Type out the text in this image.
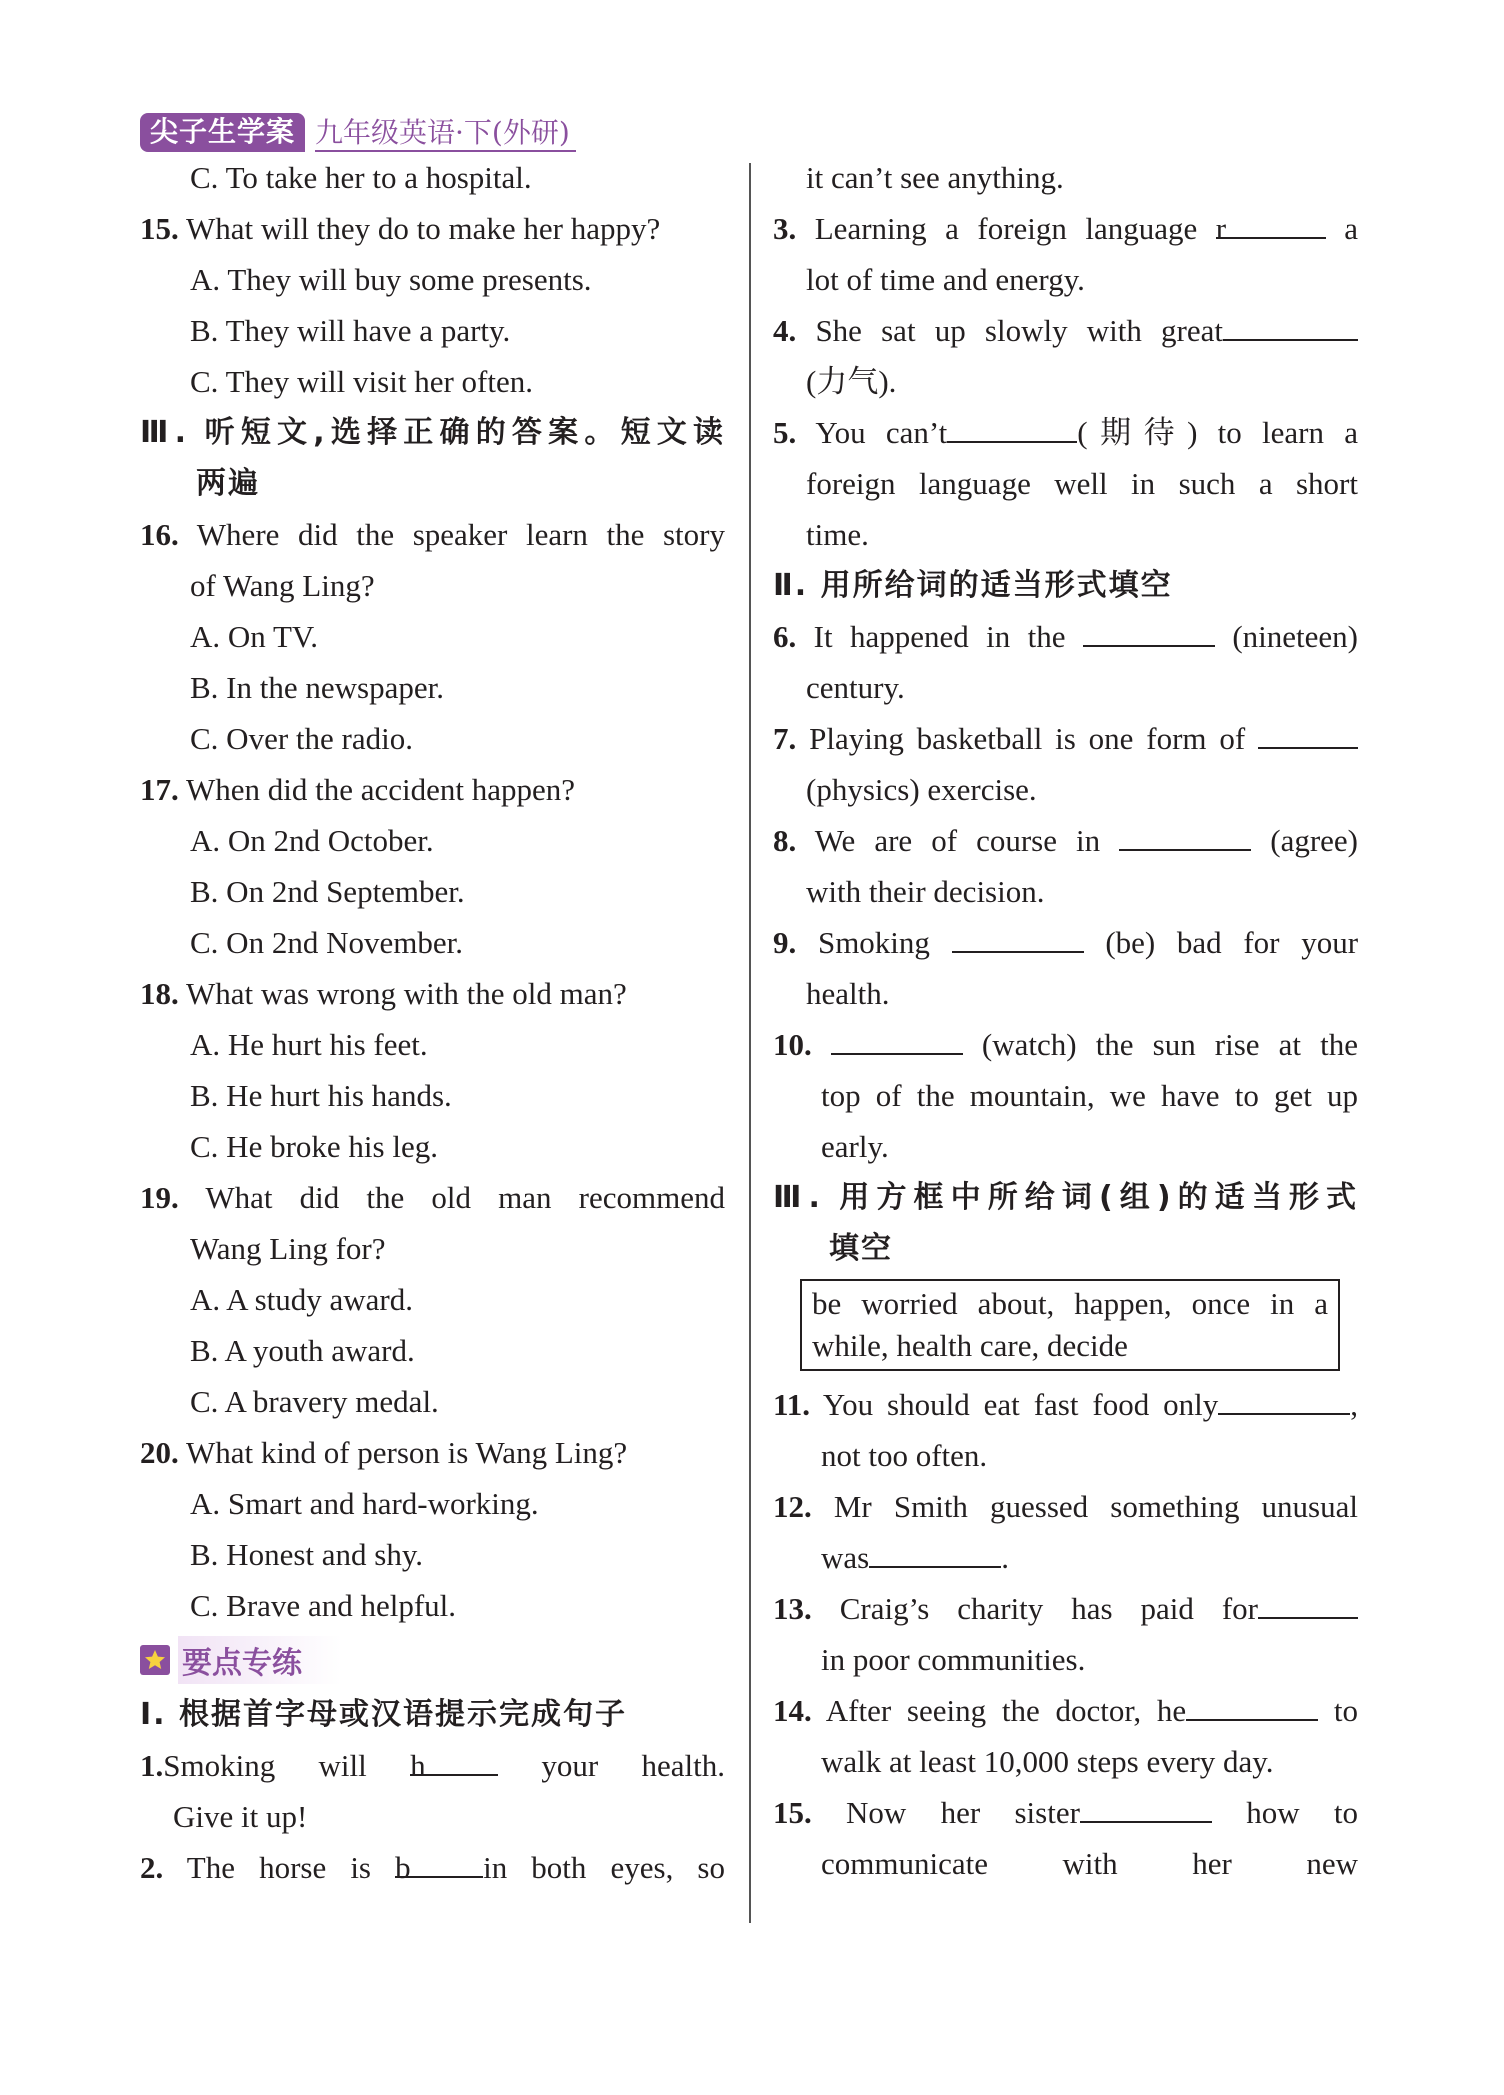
尖子生学案 九年级英语·下(外研)
C. To take her to a hospital.
15. What will they do to make her happy?
A. They will buy some presents.
B. They will have a party.
C. They will visit her often.
Ⅲ. 听短文,选择正确的答案。短文读
两遍
16. Where did the speaker learn the story
of Wang Ling?
A. On TV.
B. In the newspaper.
C. Over the radio.
17. When did the accident happen?
A. On 2nd October.
B. On 2nd September.
C. On 2nd November.
18. What was wrong with the old man?
A. He hurt his feet.
B. He hurt his hands.
C. He broke his leg.
19. What did the old man recommend
Wang Ling for?
A. A study award.
B. A youth award.
C. A bravery medal.
20. What kind of person is Wang Ling?
A. Smart and hard-working.
B. Honest and shy.
C. Brave and helpful.
要点专练
Ⅰ. 根据首字母或汉语提示完成句子
1.Smoking will h your health.
Give it up!
2. The horse is b in both eyes, so
it can’t see anything.
3. Learning a foreign language r	a
lot of time and energy.
4. She sat up slowly with great
(力气).
5. You can’t	(期待) to learn a
foreign language well in such a short
time.
Ⅱ. 用所给词的适当形式填空
6. It happened in the	(nineteen)
century.
7. Playing basketball is one form of
(physics) exercise.
8. We are of course in	(agree)
with their decision.
9. Smoking	(be) bad for your
health.
10.	(watch) the sun rise at the
top of the mountain, we have to get up
early.
Ⅲ. 用方框中所给词(组)的适当形式
填空
be worried about, happen, once in a
while, health care, decide
11. You should eat fast food only	,
not too often.
12. Mr Smith guessed something unusual
was	.
13. Craig’s charity has paid for
in poor communities.
14. After seeing the doctor, he	to
walk at least 10,000 steps every day.
15. Now her sister	how to
communicate with her new
